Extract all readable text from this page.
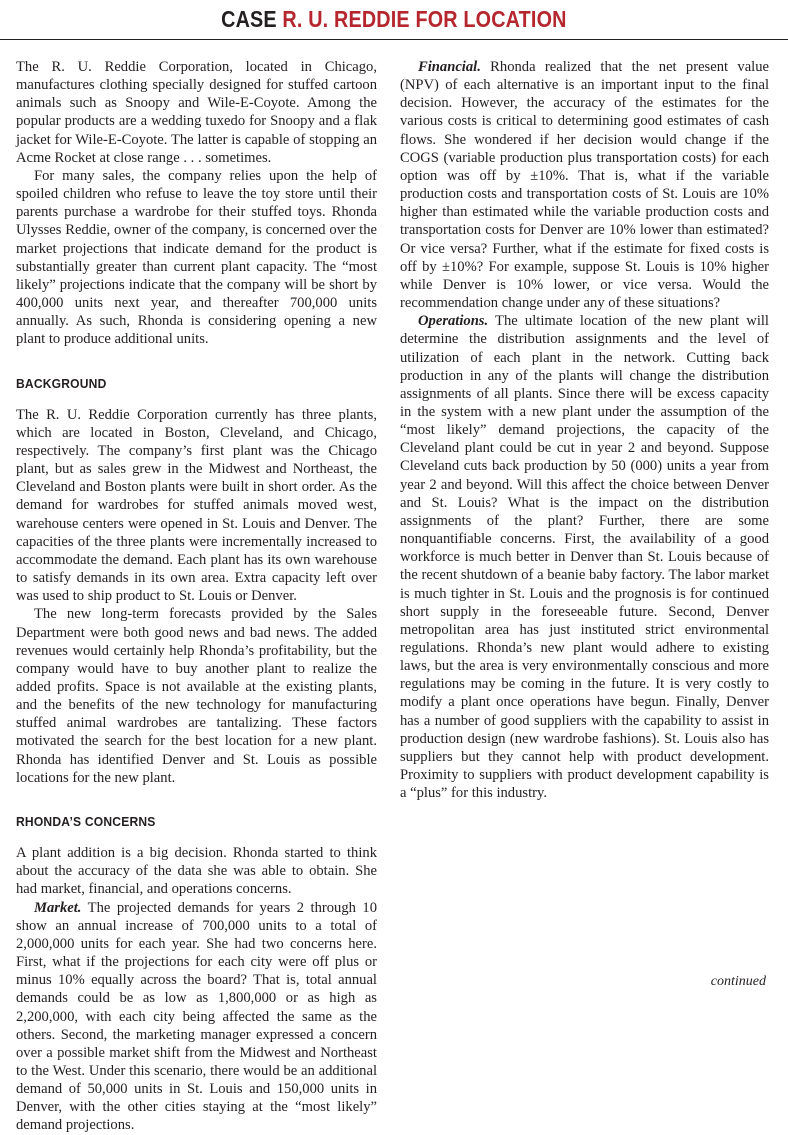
CASE R. U. REDDIE FOR LOCATION

The R. U. Reddie Corporation, located in Chicago, manufactures clothing specially designed for stuffed cartoon animals such as Snoopy and Wile-E-Coyote. Among the popular products are a wedding tuxedo for Snoopy and a flak jacket for Wile-E-Coyote. The latter is capable of stopping an Acme Rocket at close range . . . sometimes.

For many sales, the company relies upon the help of spoiled children who refuse to leave the toy store until their parents purchase a wardrobe for their stuffed toys. Rhonda Ulysses Reddie, owner of the company, is concerned over the market projections that indicate demand for the product is substantially greater than current plant capacity. The “most likely” projections indicate that the company will be short by 400,000 units next year, and thereafter 700,000 units annually. As such, Rhonda is considering opening a new plant to produce additional units.

BACKGROUND

The R. U. Reddie Corporation currently has three plants, which are located in Boston, Cleveland, and Chicago, respectively. The company’s first plant was the Chicago plant, but as sales grew in the Midwest and Northeast, the Cleveland and Boston plants were built in short order. As the demand for wardrobes for stuffed animals moved west, warehouse centers were opened in St. Louis and Denver. The capacities of the three plants were incrementally increased to accommodate the demand. Each plant has its own warehouse to satisfy demands in its own area. Extra capacity left over was used to ship product to St. Louis or Denver.

The new long-term forecasts provided by the Sales Department were both good news and bad news. The added revenues would certainly help Rhonda’s profitability, but the company would have to buy another plant to realize the added profits. Space is not available at the existing plants, and the benefits of the new technology for manufacturing stuffed animal wardrobes are tantalizing. These factors motivated the search for the best location for a new plant. Rhonda has identified Denver and St. Louis as possible locations for the new plant.

RHONDA’S CONCERNS

A plant addition is a big decision. Rhonda started to think about the accuracy of the data she was able to obtain. She had market, financial, and operations concerns.

Market. The projected demands for years 2 through 10 show an annual increase of 700,000 units to a total of 2,000,000 units for each year. She had two concerns here. First, what if the projections for each city were off plus or minus 10% equally across the board? That is, total annual demands could be as low as 1,800,000 or as high as 2,200,000, with each city being affected the same as the others. Second, the marketing manager expressed a concern over a possible market shift from the Midwest and Northeast to the West. Under this scenario, there would be an additional demand of 50,000 units in St. Louis and 150,000 units in Denver, with the other cities staying at the “most likely” demand projections.

Financial. Rhonda realized that the net present value (NPV) of each alternative is an important input to the final decision. However, the accuracy of the estimates for the various costs is critical to determining good estimates of cash flows. She wondered if her decision would change if the COGS (variable production plus transportation costs) for each option was off by ±10%. That is, what if the variable production costs and transportation costs of St. Louis are 10% higher than estimated while the variable production costs and transportation costs for Denver are 10% lower than estimated? Or vice versa? Further, what if the estimate for fixed costs is off by ±10%? For example, suppose St. Louis is 10% higher while Denver is 10% lower, or vice versa. Would the recommendation change under any of these situations?

Operations. The ultimate location of the new plant will determine the distribution assignments and the level of utilization of each plant in the network. Cutting back production in any of the plants will change the distribution assignments of all plants. Since there will be excess capacity in the system with a new plant under the assumption of the “most likely” demand projections, the capacity of the Cleveland plant could be cut in year 2 and beyond. Suppose Cleveland cuts back production by 50 (000) units a year from year 2 and beyond. Will this affect the choice between Denver and St. Louis? What is the impact on the distribution assignments of the plant? Further, there are some nonquantifiable concerns. First, the availability of a good workforce is much better in Denver than St. Louis because of the recent shutdown of a beanie baby factory. The labor market is much tighter in St. Louis and the prognosis is for continued short supply in the foreseeable future. Second, Denver metropolitan area has just instituted strict environmental regulations. Rhonda’s new plant would adhere to existing laws, but the area is very environmentally conscious and more regulations may be coming in the future. It is very costly to modify a plant once operations have begun. Finally, Denver has a number of good suppliers with the capability to assist in production design (new wardrobe fashions). St. Louis also has suppliers but they cannot help with product development. Proximity to suppliers with product development capability is a “plus” for this industry.

continued
